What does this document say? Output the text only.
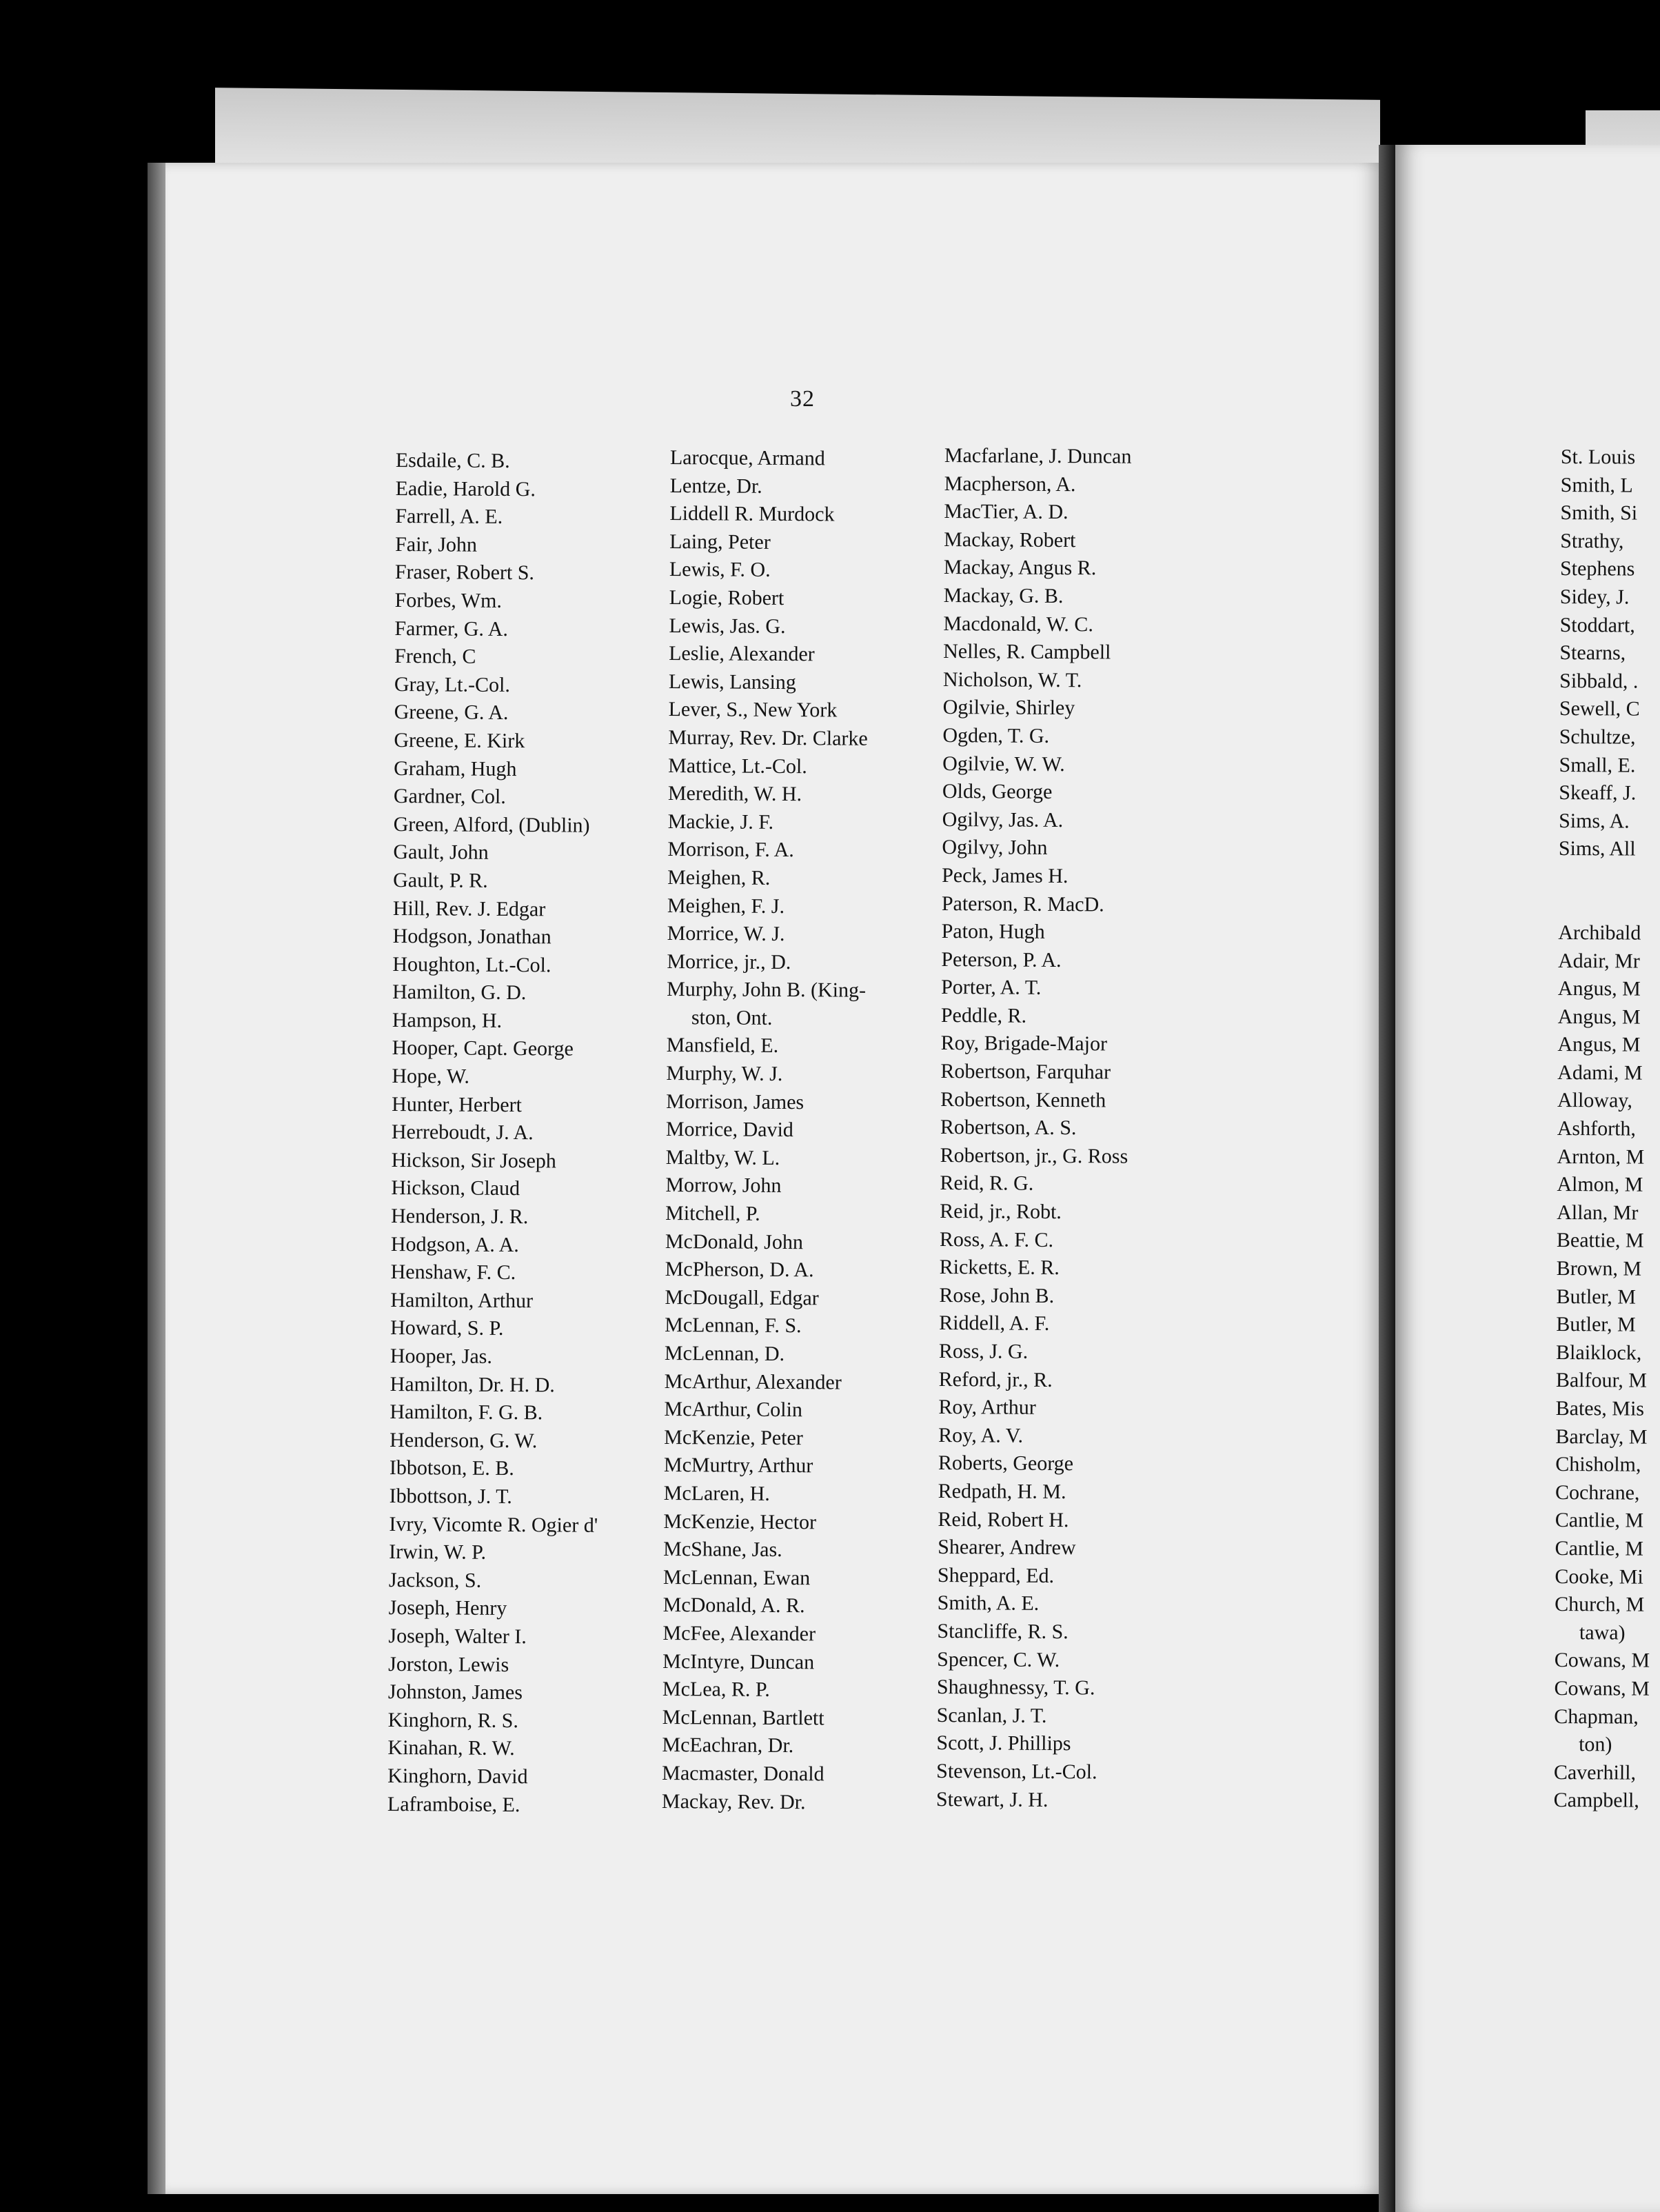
32
Esdaile, C. B.
Eadie, Harold G.
Farrell, A. E.
Fair, John
Fraser, Robert S.
Forbes, Wm.
Farmer, G. A.
French, C
Gray, Lt.-Col.
Greene, G. A.
Greene, E. Kirk
Graham, Hugh
Gardner, Col.
Green, Alford, (Dublin)
Gault, John
Gault, P. R.
Hill, Rev. J. Edgar
Hodgson, Jonathan
Houghton, Lt.-Col.
Hamilton, G. D.
Hampson, H.
Hooper, Capt. George
Hope, W.
Hunter, Herbert
Herreboudt, J. A.
Hickson, Sir Joseph
Hickson, Claud
Henderson, J. R.
Hodgson, A. A.
Henshaw, F. C.
Hamilton, Arthur
Howard, S. P.
Hooper, Jas.
Hamilton, Dr. H. D.
Hamilton, F. G. B.
Henderson, G. W.
Ibbotson, E. B.
Ibbottson, J. T.
Ivry, Vicomte R. Ogier d'
Irwin, W. P.
Jackson, S.
Joseph, Henry
Joseph, Walter I.
Jorston, Lewis
Johnston, James
Kinghorn, R. S.
Kinahan, R. W.
Kinghorn, David
Laframboise, E.
Larocque, Armand
Lentze, Dr.
Liddell R. Murdock
Laing, Peter
Lewis, F. O.
Logie, Robert
Lewis, Jas. G.
Leslie, Alexander
Lewis, Lansing
Lever, S., New York
Murray, Rev. Dr. Clarke
Mattice, Lt.-Col.
Meredith, W. H.
Mackie, J. F.
Morrison, F. A.
Meighen, R.
Meighen, F. J.
Morrice, W. J.
Morrice, jr., D.
Murphy, John B. (King-
ston, Ont.
Mansfield, E.
Murphy, W. J.
Morrison, James
Morrice, David
Maltby, W. L.
Morrow, John
Mitchell, P.
McDonald, John
McPherson, D. A.
McDougall, Edgar
McLennan, F. S.
McLennan, D.
McArthur, Alexander
McArthur, Colin
McKenzie, Peter
McMurtry, Arthur
McLaren, H.
McKenzie, Hector
McShane, Jas.
McLennan, Ewan
McDonald, A. R.
McFee, Alexander
McIntyre, Duncan
McLea, R. P.
McLennan, Bartlett
McEachran, Dr.
Macmaster, Donald
Mackay, Rev. Dr.
Macfarlane, J. Duncan
Macpherson, A.
MacTier, A. D.
Mackay, Robert
Mackay, Angus R.
Mackay, G. B.
Macdonald, W. C.
Nelles, R. Campbell
Nicholson, W. T.
Ogilvie, Shirley
Ogden, T. G.
Ogilvie, W. W.
Olds, George
Ogilvy, Jas. A.
Ogilvy, John
Peck, James H.
Paterson, R. MacD.
Paton, Hugh
Peterson, P. A.
Porter, A. T.
Peddle, R.
Roy, Brigade-Major
Robertson, Farquhar
Robertson, Kenneth
Robertson, A. S.
Robertson, jr., G. Ross
Reid, R. G.
Reid, jr., Robt.
Ross, A. F. C.
Ricketts, E. R.
Rose, John B.
Riddell, A. F.
Ross, J. G.
Reford, jr., R.
Roy, Arthur
Roy, A. V.
Roberts, George
Redpath, H. M.
Reid, Robert H.
Shearer, Andrew
Sheppard, Ed.
Smith, A. E.
Stancliffe, R. S.
Spencer, C. W.
Shaughnessy, T. G.
Scanlan, J. T.
Scott, J. Phillips
Stevenson, Lt.-Col.
Stewart, J. H.
St. Louis
Smith, L
Smith, Si
Strathy,
Stephens
Sidey, J.
Stoddart,
Stearns,
Sibbald, .
Sewell, C
Schultze,
Small, E.
Skeaff, J.
Sims, A.
Sims, All
Archibald
Adair, Mr
Angus, M
Angus, M
Angus, M
Adami, M
Alloway,
Ashforth,
Arnton, M
Almon, M
Allan, Mr
Beattie, M
Brown, M
Butler, M
Butler, M
Blaiklock,
Balfour, M
Bates, Mis
Barclay, M
Chisholm,
Cochrane,
Cantlie, M
Cantlie, M
Cooke, Mi
Church, M
tawa)
Cowans, M
Cowans, M
Chapman,
ton)
Caverhill,
Campbell,
